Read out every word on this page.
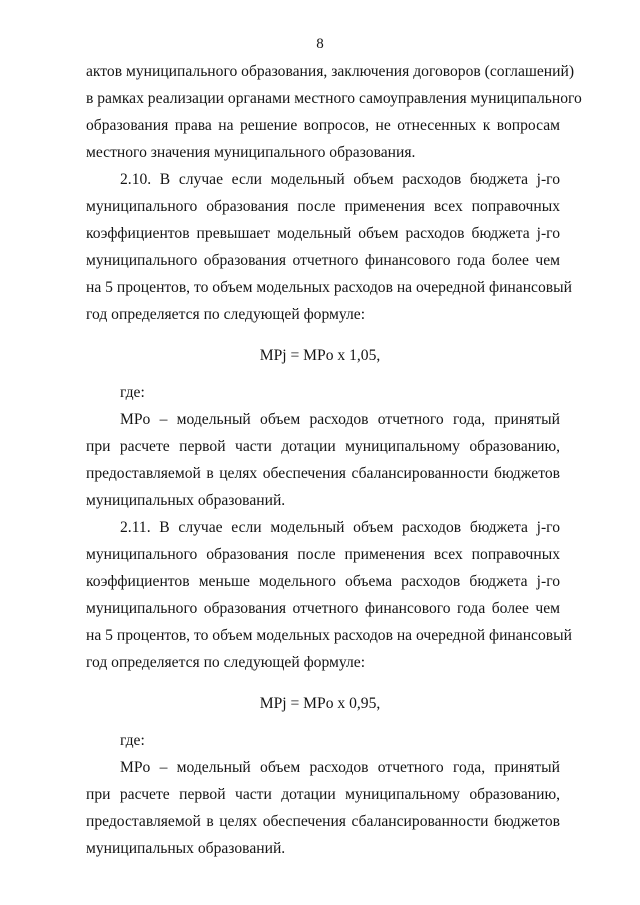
8
актов муниципального образования, заключения договоров (соглашений)
в рамках реализации органами местного самоуправления муниципального
образования права на решение вопросов, не отнесенных к вопросам
местного значения муниципального образования.
2.10. В случае если модельный объем расходов бюджета j-го
муниципального образования после применения всех поправочных
коэффициентов превышает модельный объем расходов бюджета j-го
муниципального образования отчетного финансового года более чем
на 5 процентов, то объем модельных расходов на очередной финансовый
год определяется по следующей формуле:
MPj = MPo x 1,05,
где:
MPo – модельный объем расходов отчетного года, принятый
при расчете первой части дотации муниципальному образованию,
предоставляемой в целях обеспечения сбалансированности бюджетов
муниципальных образований.
2.11. В случае если модельный объем расходов бюджета j-го
муниципального образования после применения всех поправочных
коэффициентов меньше модельного объема расходов бюджета j-го
муниципального образования отчетного финансового года более чем
на 5 процентов, то объем модельных расходов на очередной финансовый
год определяется по следующей формуле:
MPj = MPo x 0,95,
где:
MPo – модельный объем расходов отчетного года, принятый
при расчете первой части дотации муниципальному образованию,
предоставляемой в целях обеспечения сбалансированности бюджетов
муниципальных образований.
